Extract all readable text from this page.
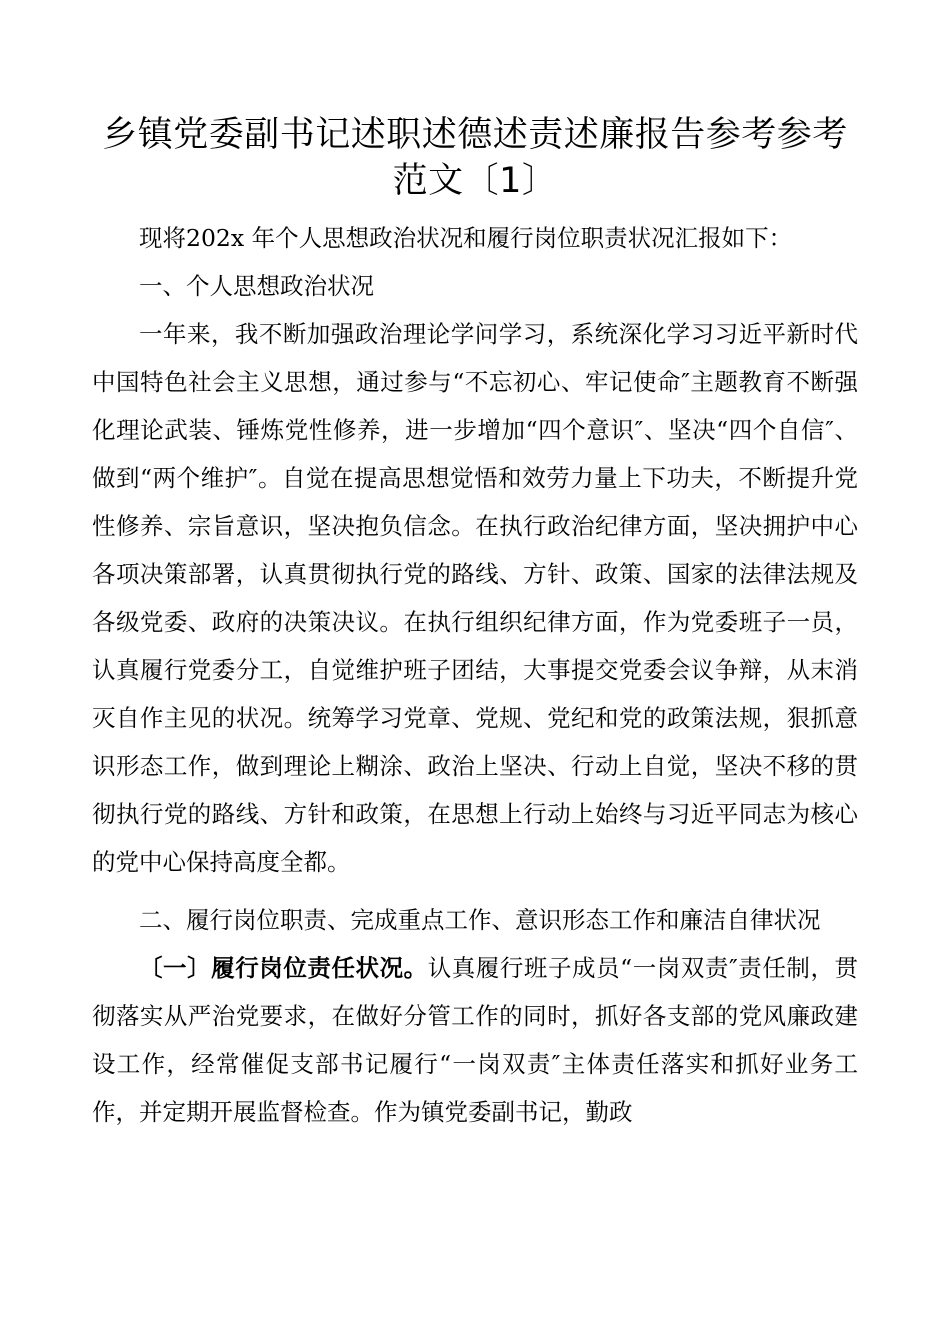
乡镇党委副书记述职述德述责述廉报告参考参考
范文〔1〕

现将202x 年个人思想政治状况和履行岗位职责状况汇报如下：

一、个人思想政治状况

一年来，我不断加强政治理论学问学习，系统深化学习习近平新时代中国特色社会主义思想，通过参与“不忘初心、牢记使命″主题教育不断强化理论武装、锤炼党性修养，进一步增加“四个意识″、坚决“四个自信″、做到“两个维护″。自觉在提高思想觉悟和效劳力量上下功夫，不断提升党性修养、宗旨意识，坚决抱负信念。在执行政治纪律方面，坚决拥护中心各项决策部署，认真贯彻执行党的路线、方针、政策、国家的法律法规及各级党委、政府的决策决议。在执行组织纪律方面，作为党委班子一员，认真履行党委分工，自觉维护班子团结，大事提交党委会议争辩，从末消灭自作主见的状况。统筹学习党章、党规、党纪和党的政策法规，狠抓意识形态工作，做到理论上糊涂、政治上坚决、行动上自觉，坚决不移的贯彻执行党的路线、方针和政策，在思想上行动上始终与习近平同志为核心的党中心保持高度全都。

二、履行岗位职责、完成重点工作、意识形态工作和廉洁自律状况

〔一〕履行岗位责任状况。认真履行班子成员“一岗双责″责任制，贯彻落实从严治党要求，在做好分管工作的同时，抓好各支部的党风廉政建设工作，经常催促支部书记履行“一岗双责″主体责任落实和抓好业务工作，并定期开展监督检查。作为镇党委副书记，勤政
